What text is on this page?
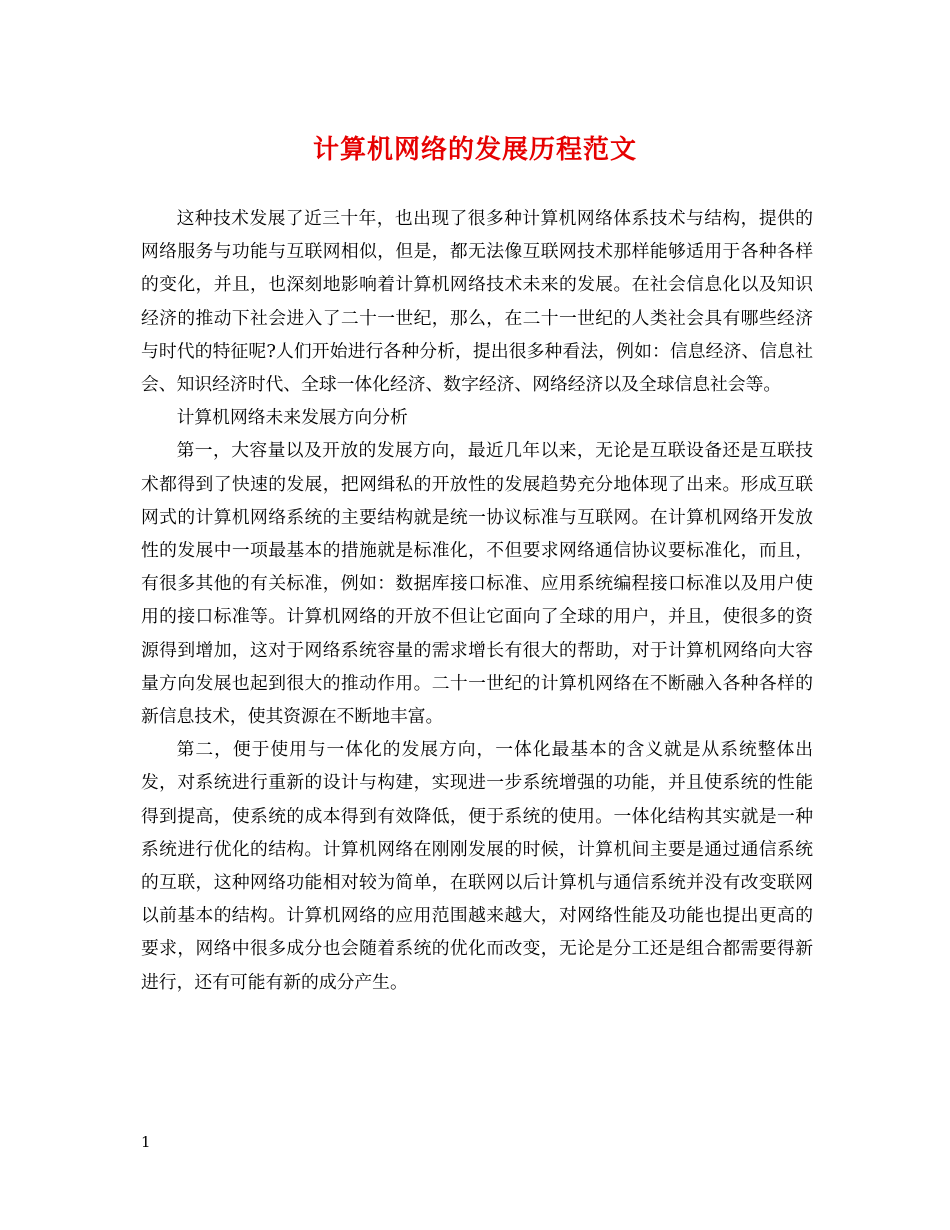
计算机网络的发展历程范文

这种技术发展了近三十年，也出现了很多种计算机网络体系技术与结构，提供的网络服务与功能与互联网相似，但是，都无法像互联网技术那样能够适用于各种各样的变化，并且，也深刻地影响着计算机网络技术未来的发展。在社会信息化以及知识经济的推动下社会进入了二十一世纪，那么，在二十一世纪的人类社会具有哪些经济与时代的特征呢?人们开始进行各种分析，提出很多种看法，例如：信息经济、信息社会、知识经济时代、全球一体化经济、数字经济、网络经济以及全球信息社会等。

计算机网络未来发展方向分析

第一，大容量以及开放的发展方向，最近几年以来，无论是互联设备还是互联技术都得到了快速的发展，把网缉私的开放性的发展趋势充分地体现了出来。形成互联网式的计算机网络系统的主要结构就是统一协议标准与互联网。在计算机网络开发放性的发展中一项最基本的措施就是标准化，不但要求网络通信协议要标准化，而且，有很多其他的有关标准，例如：数据库接口标准、应用系统编程接口标准以及用户使用的接口标准等。计算机网络的开放不但让它面向了全球的用户，并且，使很多的资源得到增加，这对于网络系统容量的需求增长有很大的帮助，对于计算机网络向大容量方向发展也起到很大的推动作用。二十一世纪的计算机网络在不断融入各种各样的新信息技术，使其资源在不断地丰富。

第二，便于使用与一体化的发展方向，一体化最基本的含义就是从系统整体出发，对系统进行重新的设计与构建，实现进一步系统增强的功能，并且使系统的性能得到提高，使系统的成本得到有效降低，便于系统的使用。一体化结构其实就是一种系统进行优化的结构。计算机网络在刚刚发展的时候，计算机间主要是通过通信系统的互联，这种网络功能相对较为简单，在联网以后计算机与通信系统并没有改变联网以前基本的结构。计算机网络的应用范围越来越大，对网络性能及功能也提出更高的要求，网络中很多成分也会随着系统的优化而改变，无论是分工还是组合都需要得新进行，还有可能有新的成分产生。

1
